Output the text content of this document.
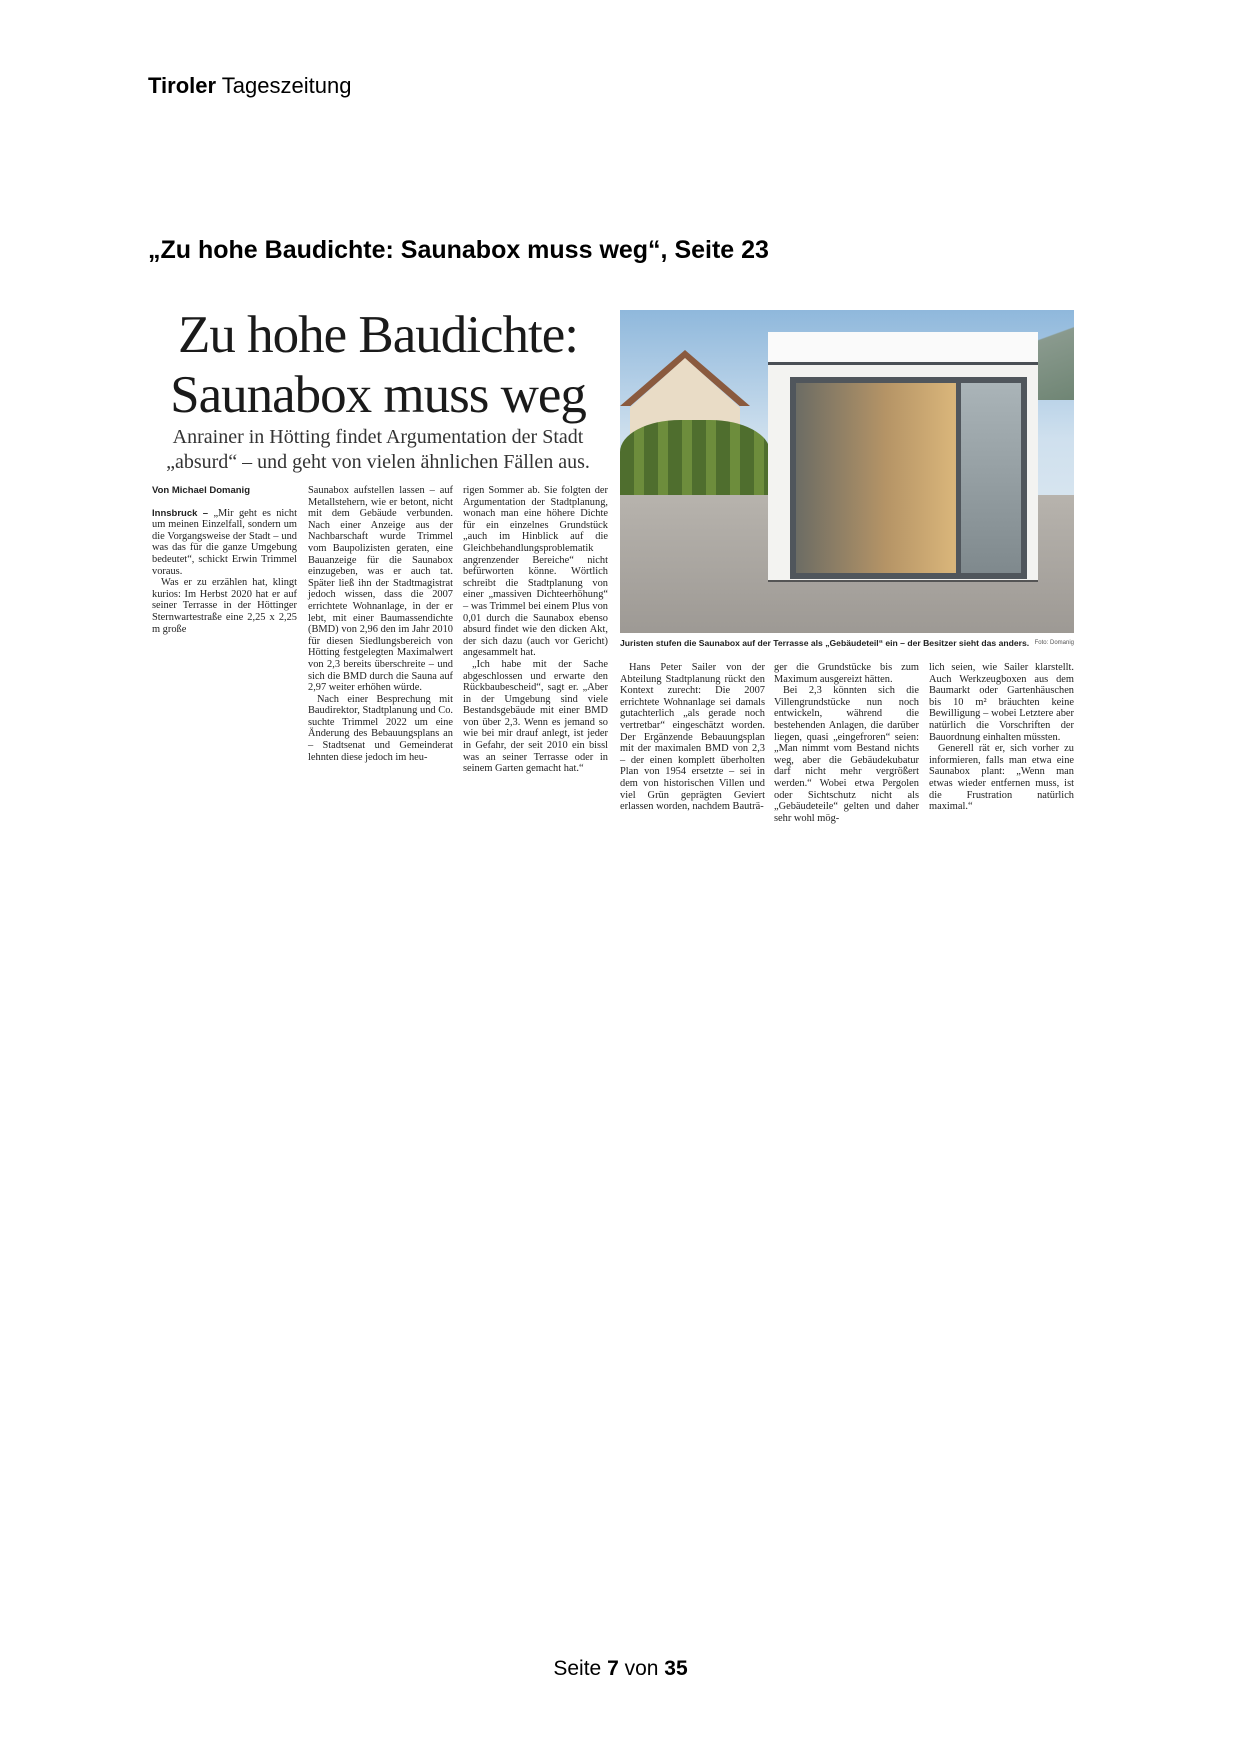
Tiroler Tageszeitung
„Zu hohe Baudichte: Saunabox muss weg“, Seite 23
Zu hohe Baudichte:
Saunabox muss weg
Anrainer in Hötting findet Argumentation der Stadt „absurd“ – und geht von vielen ähnlichen Fällen aus.
Von Michael Domanig

Innsbruck – „Mir geht es nicht um meinen Einzelfall, sondern um die Vorgangsweise der Stadt – und was das für die ganze Umgebung bedeutet“, schickt Erwin Trimmel voraus.

Was er zu erzählen hat, klingt kurios: Im Herbst 2020 hat er auf seiner Terrasse in der Höttinger Sternwartestraße eine 2,25 x 2,25 m große

Saunabox aufstellen lassen – auf Metallstehern, wie er betont, nicht mit dem Gebäude verbunden. Nach einer Anzeige aus der Nachbarschaft wurde Trimmel vom Baupolizisten geraten, eine Bauanzeige für die Saunabox einzugeben, was er auch tat. Später ließ ihn der Stadtmagistrat jedoch wissen, dass die 2007 errichtete Wohnanlage, in der er lebt, mit einer Baumassendichte (BMD) von 2,96 den im Jahr 2010 für diesen Siedlungsbereich von Hötting festgelegten Maximalwert von 2,3 bereits überschreite – und sich die BMD durch die Sauna auf 2,97 weiter erhöhen würde.

Nach einer Besprechung mit Baudirektor, Stadtplanung und Co. suchte Trimmel 2022 um eine Änderung des Bebauungsplans an – Stadtsenat und Gemeinderat lehnten diese jedoch im heu-

rigen Sommer ab. Sie folgten der Argumentation der Stadtplanung, wonach man eine höhere Dichte für ein einzelnes Grundstück „auch im Hinblick auf die Gleichbehandlungsproblematik angrenzender Bereiche“ nicht befürworten könne. Wörtlich schreibt die Stadtplanung von einer „massiven Dichteerhöhung“ – was Trimmel bei einem Plus von 0,01 durch die Saunabox ebenso absurd findet wie den dicken Akt, der sich dazu (auch vor Gericht) angesammelt hat.

„Ich habe mit der Sache abgeschlossen und erwarte den Rückbaubescheid“, sagt er. „Aber in der Umgebung sind viele Bestandsgebäude mit einer BMD von über 2,3. Wenn es jemand so wie bei mir drauf anlegt, ist jeder in Gefahr, der seit 2010 ein bissl was an seiner Terrasse oder in seinem Garten gemacht hat.“

Juristen stufen die Saunabox auf der Terrasse als „Gebäudeteil“ ein – der Besitzer sieht das anders. Foto: Domanig

Hans Peter Sailer von der Abteilung Stadtplanung rückt den Kontext zurecht: Die 2007 errichtete Wohnanlage sei damals gutachterlich „als gerade noch vertretbar“ eingeschätzt worden. Der Ergänzende Bebauungsplan mit der maximalen BMD von 2,3 – der einen komplett überholten Plan von 1954 ersetzte – sei in dem von historischen Villen und viel Grün geprägten Geviert erlassen worden, nachdem Bauträ-

ger die Grundstücke bis zum Maximum ausgereizt hätten.

Bei 2,3 könnten sich die Villengrundstücke nun noch entwickeln, während die bestehenden Anlagen, die darüber liegen, quasi „eingefroren“ seien: „Man nimmt vom Bestand nichts weg, aber die Gebäudekubatur darf nicht mehr vergrößert werden.“ Wobei etwa Pergolen oder Sichtschutz nicht als „Gebäudeteile“ gelten und daher sehr wohl mög-

lich seien, wie Sailer klarstellt. Auch Werkzeugboxen aus dem Baumarkt oder Gartenhäuschen bis 10 m² bräuchten keine Bewilligung – wobei Letztere aber natürlich die Vorschriften der Bauordnung einhalten müssten.

Generell rät er, sich vorher zu informieren, falls man etwa eine Saunabox plant: „Wenn man etwas wieder entfernen muss, ist die Frustration natürlich maximal.“

Seite 7 von 35
